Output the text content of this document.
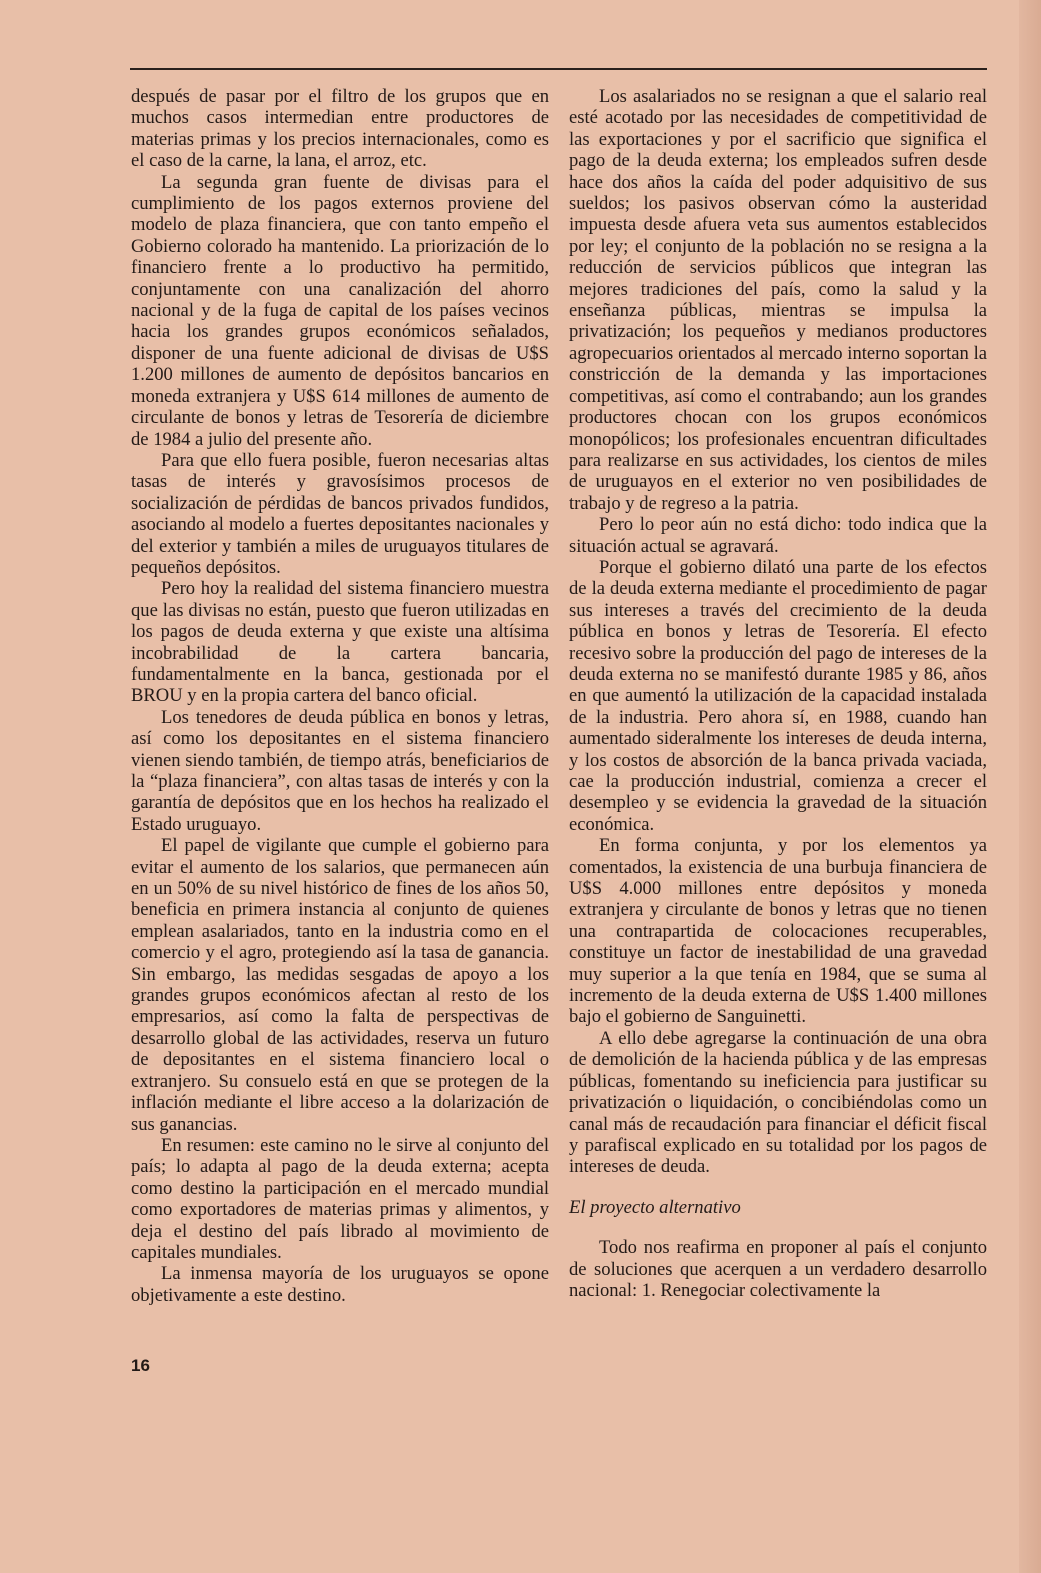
después de pasar por el filtro de los grupos que en muchos casos intermedian entre productores de materias primas y los precios internacionales, como es el caso de la carne, la lana, el arroz, etc.

La segunda gran fuente de divisas para el cumplimiento de los pagos externos proviene del modelo de plaza financiera, que con tanto empeño el Gobierno colorado ha mantenido. La priorización de lo financiero frente a lo productivo ha permitido, conjuntamente con una canalización del ahorro nacional y de la fuga de capital de los países vecinos hacia los grandes grupos económicos señalados, disponer de una fuente adicional de divisas de U$S 1.200 millones de aumento de depósitos bancarios en moneda extranjera y U$S 614 millones de aumento de circulante de bonos y letras de Tesorería de diciembre de 1984 a julio del presente año.

Para que ello fuera posible, fueron necesarias altas tasas de interés y gravosísimos procesos de socialización de pérdidas de bancos privados fundidos, asociando al modelo a fuertes depositantes nacionales y del exterior y también a miles de uruguayos titulares de pequeños depósitos.

Pero hoy la realidad del sistema financiero muestra que las divisas no están, puesto que fueron utilizadas en los pagos de deuda externa y que existe una altísima incobrabilidad de la cartera bancaria, fundamentalmente en la banca, gestionada por el BROU y en la propia cartera del banco oficial.

Los tenedores de deuda pública en bonos y letras, así como los depositantes en el sistema financiero vienen siendo también, de tiempo atrás, beneficiarios de la “plaza financiera”, con altas tasas de interés y con la garantía de depósitos que en los hechos ha realizado el Estado uruguayo.

El papel de vigilante que cumple el gobierno para evitar el aumento de los salarios, que permanecen aún en un 50% de su nivel histórico de fines de los años 50, beneficia en primera instancia al conjunto de quienes emplean asalariados, tanto en la industria como en el comercio y el agro, protegiendo así la tasa de ganancia. Sin embargo, las medidas sesgadas de apoyo a los grandes grupos económicos afectan al resto de los empresarios, así como la falta de perspectivas de desarrollo global de las actividades, reserva un futuro de depositantes en el sistema financiero local o extranjero. Su consuelo está en que se protegen de la inflación mediante el libre acceso a la dolarización de sus ganancias.

En resumen: este camino no le sirve al conjunto del país; lo adapta al pago de la deuda externa; acepta como destino la participación en el mercado mundial como exportadores de materias primas y alimentos, y deja el destino del país librado al movimiento de capitales mundiales.

La inmensa mayoría de los uruguayos se opone objetivamente a este destino.

Los asalariados no se resignan a que el salario real esté acotado por las necesidades de competitividad de las exportaciones y por el sacrificio que significa el pago de la deuda externa; los empleados sufren desde hace dos años la caída del poder adquisitivo de sus sueldos; los pasivos observan cómo la austeridad impuesta desde afuera veta sus aumentos establecidos por ley; el conjunto de la población no se resigna a la reducción de servicios públicos que integran las mejores tradiciones del país, como la salud y la enseñanza públicas, mientras se impulsa la privatización; los pequeños y medianos productores agropecuarios orientados al mercado interno soportan la constricción de la demanda y las importaciones competitivas, así como el contrabando; aun los grandes productores chocan con los grupos económicos monopólicos; los profesionales encuentran dificultades para realizarse en sus actividades, los cientos de miles de uruguayos en el exterior no ven posibilidades de trabajo y de regreso a la patria.

Pero lo peor aún no está dicho: todo indica que la situación actual se agravará.

Porque el gobierno dilató una parte de los efectos de la deuda externa mediante el procedimiento de pagar sus intereses a través del crecimiento de la deuda pública en bonos y letras de Tesorería. El efecto recesivo sobre la producción del pago de intereses de la deuda externa no se manifestó durante 1985 y 86, años en que aumentó la utilización de la capacidad instalada de la industria. Pero ahora sí, en 1988, cuando han aumentado sideralmente los intereses de deuda interna, y los costos de absorción de la banca privada vaciada, cae la producción industrial, comienza a crecer el desempleo y se evidencia la gravedad de la situación económica.

En forma conjunta, y por los elementos ya comentados, la existencia de una burbuja financiera de U$S 4.000 millones entre depósitos y moneda extranjera y circulante de bonos y letras que no tienen una contrapartida de colocaciones recuperables, constituye un factor de inestabilidad de una gravedad muy superior a la que tenía en 1984, que se suma al incremento de la deuda externa de U$S 1.400 millones bajo el gobierno de Sanguinetti.

A ello debe agregarse la continuación de una obra de demolición de la hacienda pública y de las empresas públicas, fomentando su ineficiencia para justificar su privatización o liquidación, o concibiéndolas como un canal más de recaudación para financiar el déficit fiscal y parafiscal explicado en su totalidad por los pagos de intereses de deuda.

El proyecto alternativo

Todo nos reafirma en proponer al país el conjunto de soluciones que acerquen a un verdadero desarrollo nacional: 1. Renegociar colectivamente la

16
